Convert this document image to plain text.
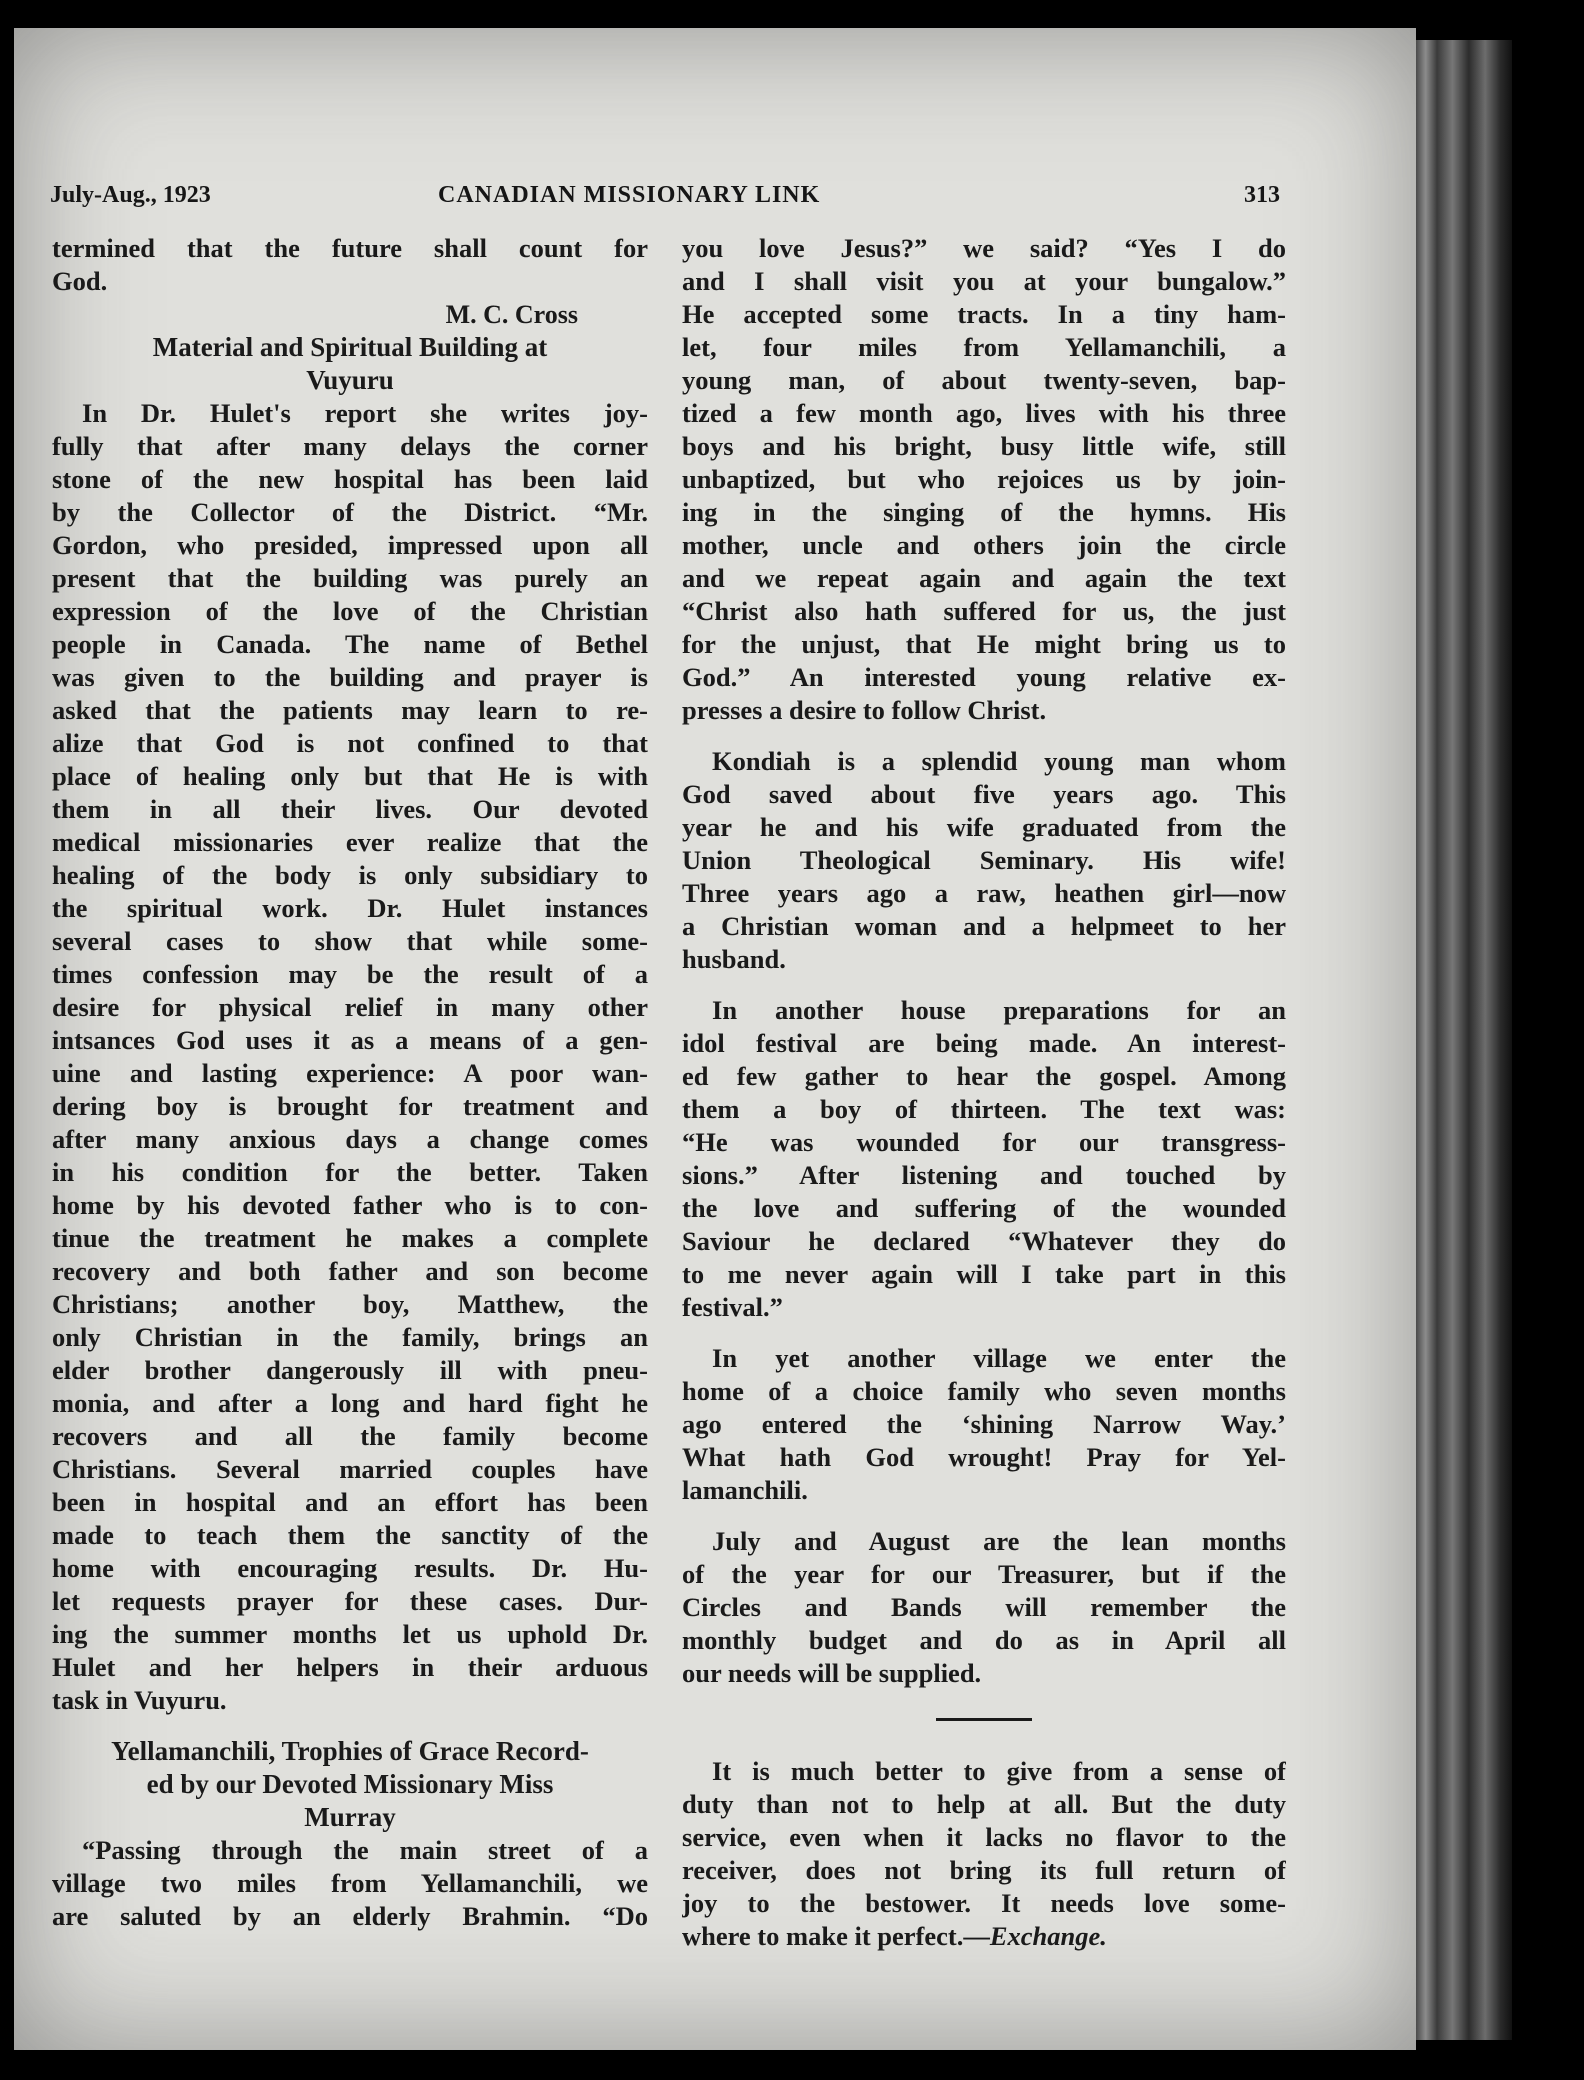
July-Aug., 1923	CANADIAN MISSIONARY LINK	313
termined that the future shall count for
God.
M. C. Cross
Material and Spiritual Building at
Vuyuru
In Dr. Hulet's report she writes joy-
fully that after many delays the corner
stone of the new hospital has been laid
by the Collector of the District. “Mr.
Gordon, who presided, impressed upon all
present that the building was purely an
expression of the love of the Christian
people in Canada. The name of Bethel
was given to the building and prayer is
asked that the patients may learn to re-
alize that God is not confined to that
place of healing only but that He is with
them in all their lives. Our devoted
medical missionaries ever realize that the
healing of the body is only subsidiary to
the spiritual work. Dr. Hulet instances
several cases to show that while some-
times confession may be the result of a
desire for physical relief in many other
intsances God uses it as a means of a gen-
uine and lasting experience: A poor wan-
dering boy is brought for treatment and
after many anxious days a change comes
in his condition for the better. Taken
home by his devoted father who is to con-
tinue the treatment he makes a complete
recovery and both father and son become
Christians; another boy, Matthew, the
only Christian in the family, brings an
elder brother dangerously ill with pneu-
monia, and after a long and hard fight he
recovers and all the family become
Christians. Several married couples have
been in hospital and an effort has been
made to teach them the sanctity of the
home with encouraging results. Dr. Hu-
let requests prayer for these cases. Dur-
ing the summer months let us uphold Dr.
Hulet and her helpers in their arduous
task in Vuyuru.
Yellamanchili, Trophies of Grace Record-
ed by our Devoted Missionary Miss
Murray
“Passing through the main street of a
village two miles from Yellamanchili, we
are saluted by an elderly Brahmin. “Do
you love Jesus?” we said? “Yes I do
and I shall visit you at your bungalow.”
He accepted some tracts. In a tiny ham-
let, four miles from Yellamanchili, a
young man, of about twenty-seven, bap-
tized a few month ago, lives with his three
boys and his bright, busy little wife, still
unbaptized, but who rejoices us by join-
ing in the singing of the hymns. His
mother, uncle and others join the circle
and we repeat again and again the text
“Christ also hath suffered for us, the just
for the unjust, that He might bring us to
God.” An interested young relative ex-
presses a desire to follow Christ.
Kondiah is a splendid young man whom
God saved about five years ago. This
year he and his wife graduated from the
Union Theological Seminary. His wife!
Three years ago a raw, heathen girl—now
a Christian woman and a helpmeet to her
husband.
In another house preparations for an
idol festival are being made. An interest-
ed few gather to hear the gospel. Among
them a boy of thirteen. The text was:
“He was wounded for our transgress-
sions.” After listening and touched by
the love and suffering of the wounded
Saviour he declared “Whatever they do
to me never again will I take part in this
festival.”
In yet another village we enter the
home of a choice family who seven months
ago entered the ‘shining Narrow Way.’
What hath God wrought! Pray for Yel-
lamanchili.
July and August are the lean months
of the year for our Treasurer, but if the
Circles and Bands will remember the
monthly budget and do as in April all
our needs will be supplied.
It is much better to give from a sense of
duty than not to help at all. But the duty
service, even when it lacks no flavor to the
receiver, does not bring its full return of
joy to the bestower. It needs love some-
where to make it perfect.—Exchange.
